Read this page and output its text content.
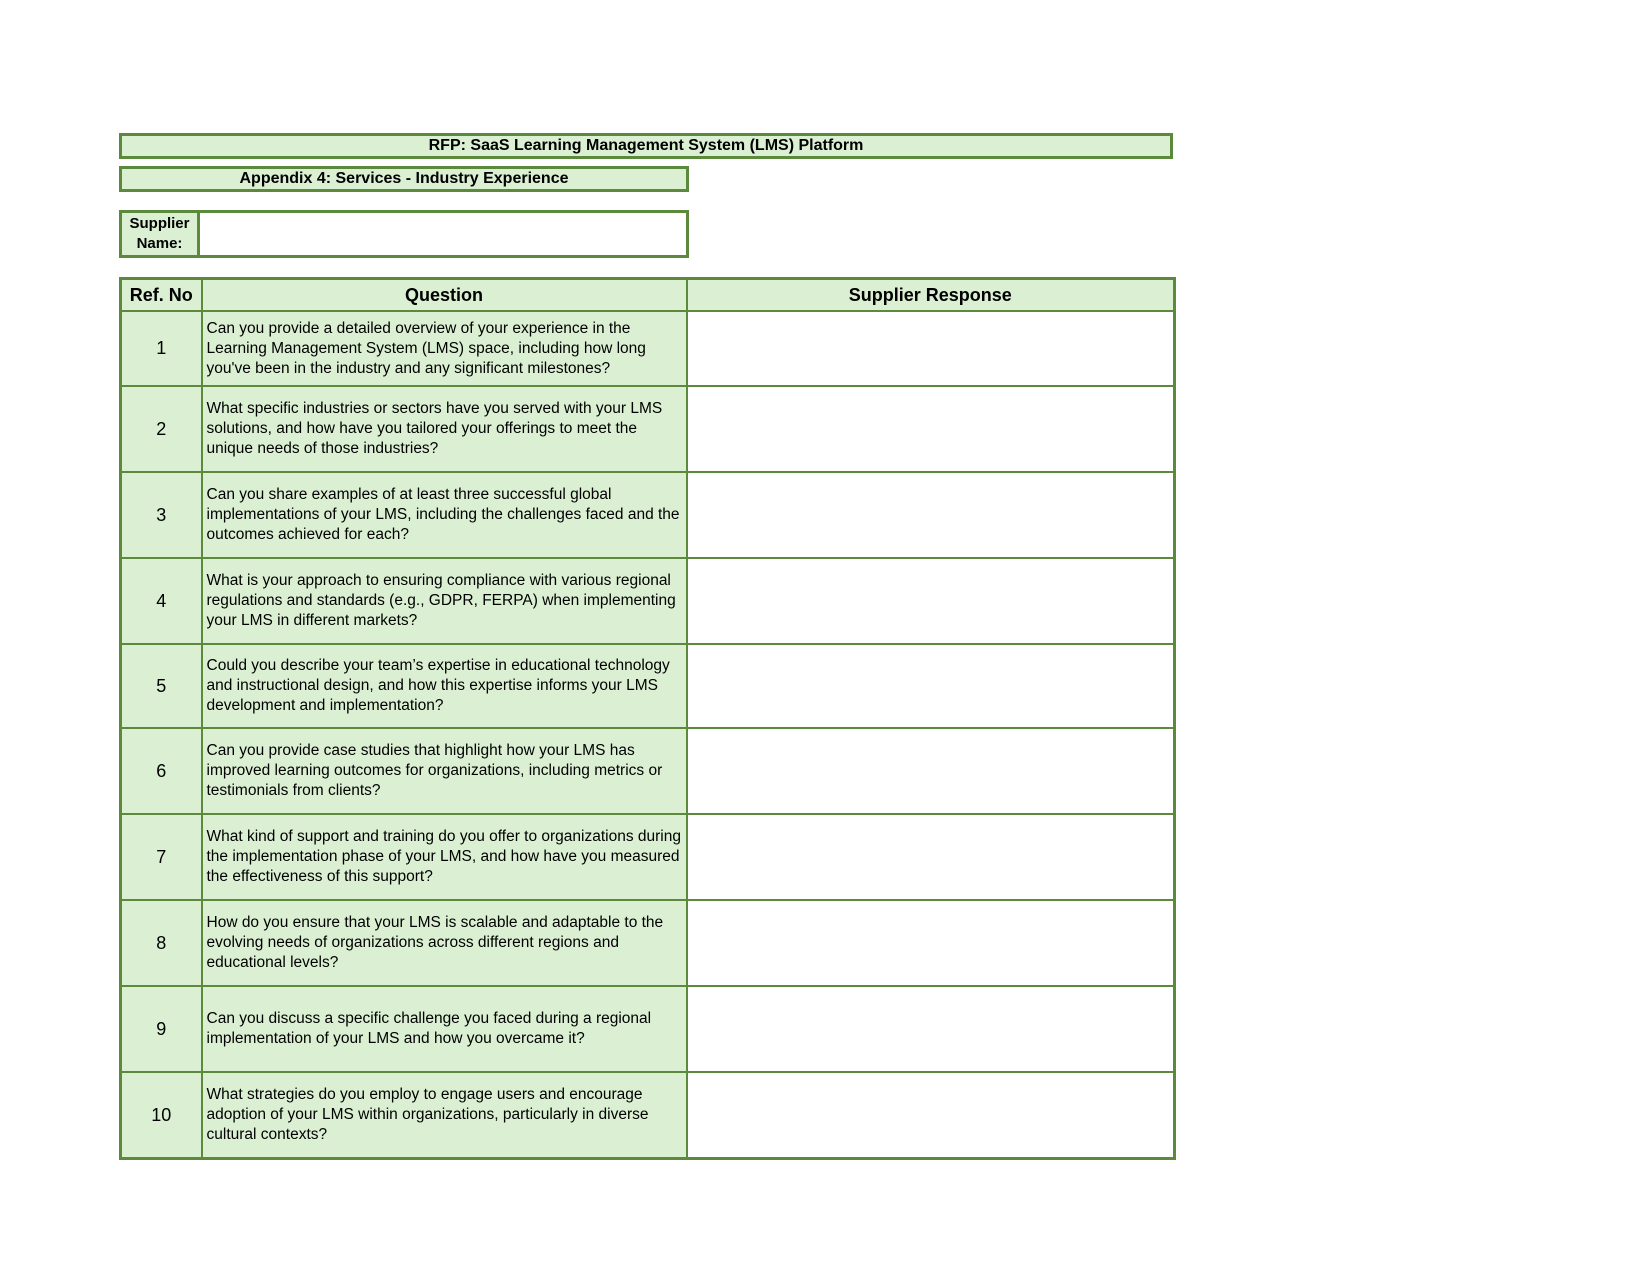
RFP: SaaS Learning Management System (LMS) Platform
Appendix 4: Services - Industry Experience
Supplier Name:
Ref. No	Question	Supplier Response
1	Can you provide a detailed overview of your experience in the Learning Management System (LMS) space, including how long you've been in the industry and any significant milestones?	
2	What specific industries or sectors have you served with your LMS solutions, and how have you tailored your offerings to meet the unique needs of those industries?	
3	Can you share examples of at least three successful global implementations of your LMS, including the challenges faced and the outcomes achieved for each?	
4	What is your approach to ensuring compliance with various regional regulations and standards (e.g., GDPR, FERPA) when implementing your LMS in different markets?	
5	Could you describe your team’s expertise in educational technology and instructional design, and how this expertise informs your LMS development and implementation?	
6	Can you provide case studies that highlight how your LMS has improved learning outcomes for organizations, including metrics or testimonials from clients?	
7	What kind of support and training do you offer to organizations during the implementation phase of your LMS, and how have you measured the effectiveness of this support?	
8	How do you ensure that your LMS is scalable and adaptable to the evolving needs of organizations across different regions and educational levels?	
9	Can you discuss a specific challenge you faced during a regional implementation of your LMS and how you overcame it?	
10	What strategies do you employ to engage users and encourage adoption of your LMS within organizations, particularly in diverse cultural contexts?	
